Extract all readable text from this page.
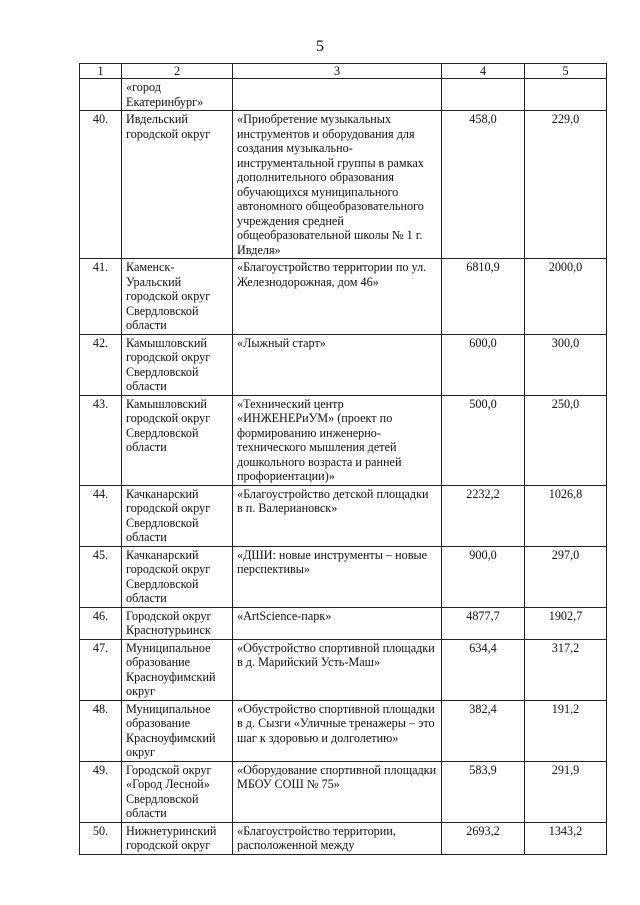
5
1	2	3	4	5
	«город Екатеринбург»			
40.	Ивдельский городской округ	«Приобретение музыкальных инструментов и оборудования для создания музыкально-инструментальной группы в рамках дополнительного образования обучающихся муниципального автономного общеобразовательного учреждения средней общеобразовательной школы № 1 г. Ивделя»	458,0	229,0
41.	Каменск-Уральский городской округ Свердловской области	«Благоустройство территории по ул. Железнодорожная, дом 46»	6810,9	2000,0
42.	Камышловский городской округ Свердловской области	«Лыжный старт»	600,0	300,0
43.	Камышловский городской округ Свердловской области	«Технический центр «ИНЖЕНЕРиУМ» (проект по формированию инженерно-технического мышления детей дошкольного возраста и ранней профориентации)»	500,0	250,0
44.	Качканарский городской округ Свердловской области	«Благоустройство детской площадки в п. Валериановск»	2232,2	1026,8
45.	Качканарский городской округ Свердловской области	«ДШИ: новые инструменты – новые перспективы»	900,0	297,0
46.	Городской округ Краснотурьинск	«ArtScience-парк»	4877,7	1902,7
47.	Муниципальное образование Красноуфимский округ	«Обустройство спортивной площадки в д. Марийский Усть-Маш»	634,4	317,2
48.	Муниципальное образование Красноуфимский округ	«Обустройство спортивной площадки в д. Сызги «Уличные тренажеры – это шаг к здоровью и долголетию»	382,4	191,2
49.	Городской округ «Город Лесной» Свердловской области	«Оборудование спортивной площадки МБОУ СОШ № 75»	583,9	291,9
50.	Нижнетуринский городской округ	«Благоустройство территории, расположенной между	2693,2	1343,2
